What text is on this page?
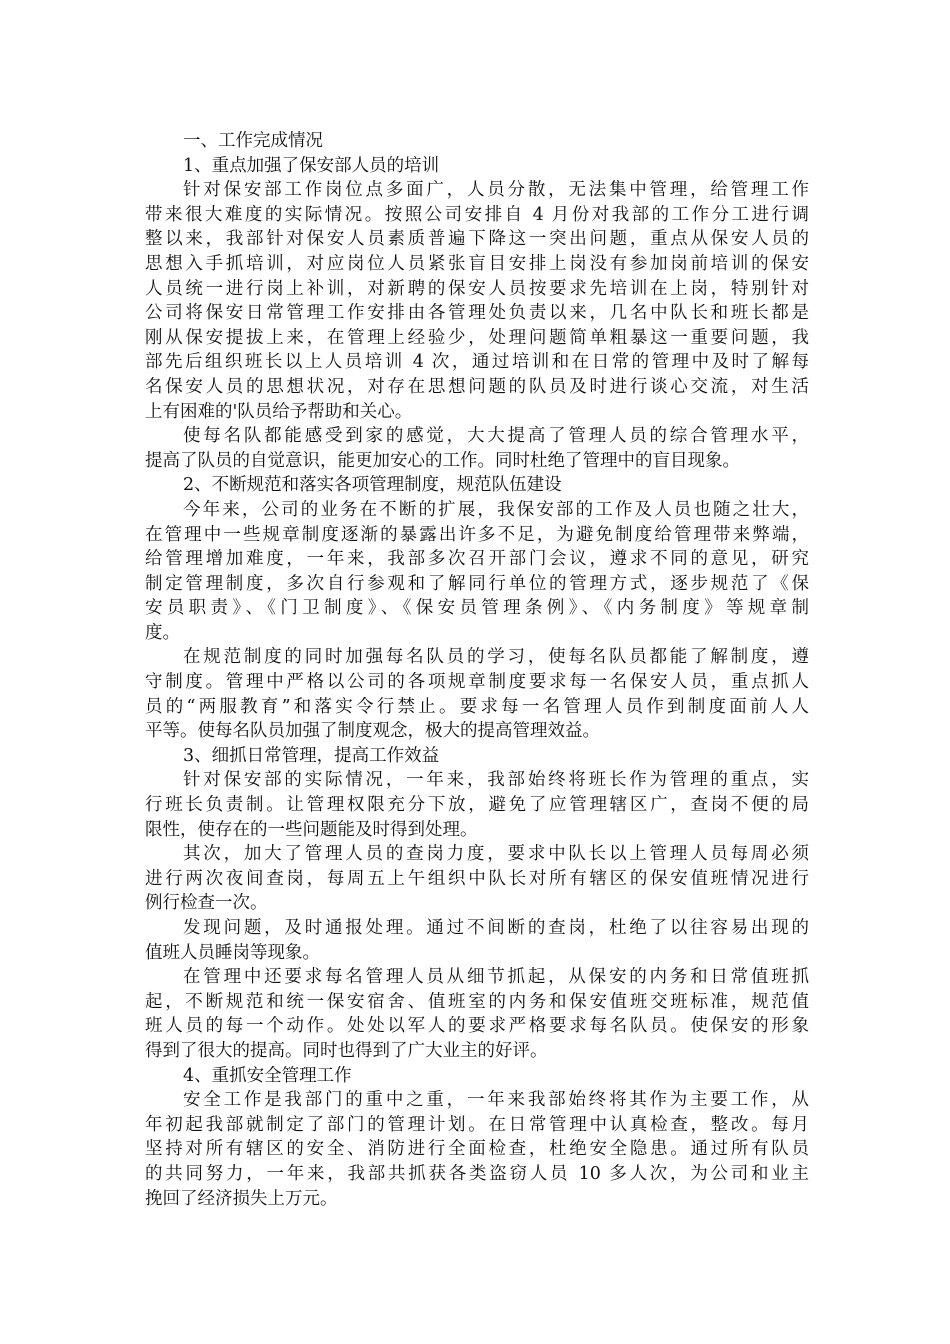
一、工作完成情况
1、重点加强了保安部人员的培训
针对保安部工作岗位点多面广，人员分散，无法集中管理，给管理工作
带来很大难度的实际情况。按照公司安排自 4 月份对我部的工作分工进行调
整以来，我部针对保安人员素质普遍下降这一突出问题，重点从保安人员的
思想入手抓培训，对应岗位人员紧张盲目安排上岗没有参加岗前培训的保安
人员统一进行岗上补训，对新聘的保安人员按要求先培训在上岗，特别针对
公司将保安日常管理工作安排由各管理处负责以来，几名中队长和班长都是
刚从保安提拔上来，在管理上经验少，处理问题简单粗暴这一重要问题，我
部先后组织班长以上人员培训 4 次，通过培训和在日常的管理中及时了解每
名保安人员的思想状况，对存在思想问题的队员及时进行谈心交流，对生活
上有困难的'队员给予帮助和关心。
使每名队都能感受到家的感觉，大大提高了管理人员的综合管理水平，
提高了队员的自觉意识，能更加安心的工作。同时杜绝了管理中的盲目现象。
2、不断规范和落实各项管理制度，规范队伍建设
今年来，公司的业务在不断的扩展，我保安部的工作及人员也随之壮大，
在管理中一些规章制度逐渐的暴露出许多不足，为避免制度给管理带来弊端，
给管理增加难度，一年来，我部多次召开部门会议，遵求不同的意见，研究
制定管理制度，多次自行参观和了解同行单位的管理方式，逐步规范了《保
安员职责》、《门卫制度》、《保安员管理条例》、《内务制度》等规章制
度。
在规范制度的同时加强每名队员的学习，使每名队员都能了解制度，遵
守制度。管理中严格以公司的各项规章制度要求每一名保安人员，重点抓人
员的“两服教育”和落实令行禁止。要求每一名管理人员作到制度面前人人
平等。使每名队员加强了制度观念，极大的提高管理效益。
3、细抓日常管理，提高工作效益
针对保安部的实际情况，一年来，我部始终将班长作为管理的重点，实
行班长负责制。让管理权限充分下放，避免了应管理辖区广，查岗不便的局
限性，使存在的一些问题能及时得到处理。
其次，加大了管理人员的查岗力度，要求中队长以上管理人员每周必须
进行两次夜间查岗，每周五上午组织中队长对所有辖区的保安值班情况进行
例行检查一次。
发现问题，及时通报处理。通过不间断的查岗，杜绝了以往容易出现的
值班人员睡岗等现象。
在管理中还要求每名管理人员从细节抓起，从保安的内务和日常值班抓
起，不断规范和统一保安宿舍、值班室的内务和保安值班交班标准，规范值
班人员的每一个动作。处处以军人的要求严格要求每名队员。使保安的形象
得到了很大的提高。同时也得到了广大业主的好评。
4、重抓安全管理工作
安全工作是我部门的重中之重，一年来我部始终将其作为主要工作，从
年初起我部就制定了部门的管理计划。在日常管理中认真检查，整改。每月
坚持对所有辖区的安全、消防进行全面检查，杜绝安全隐患。通过所有队员
的共同努力，一年来，我部共抓获各类盗窃人员 10 多人次，为公司和业主
挽回了经济损失上万元。
